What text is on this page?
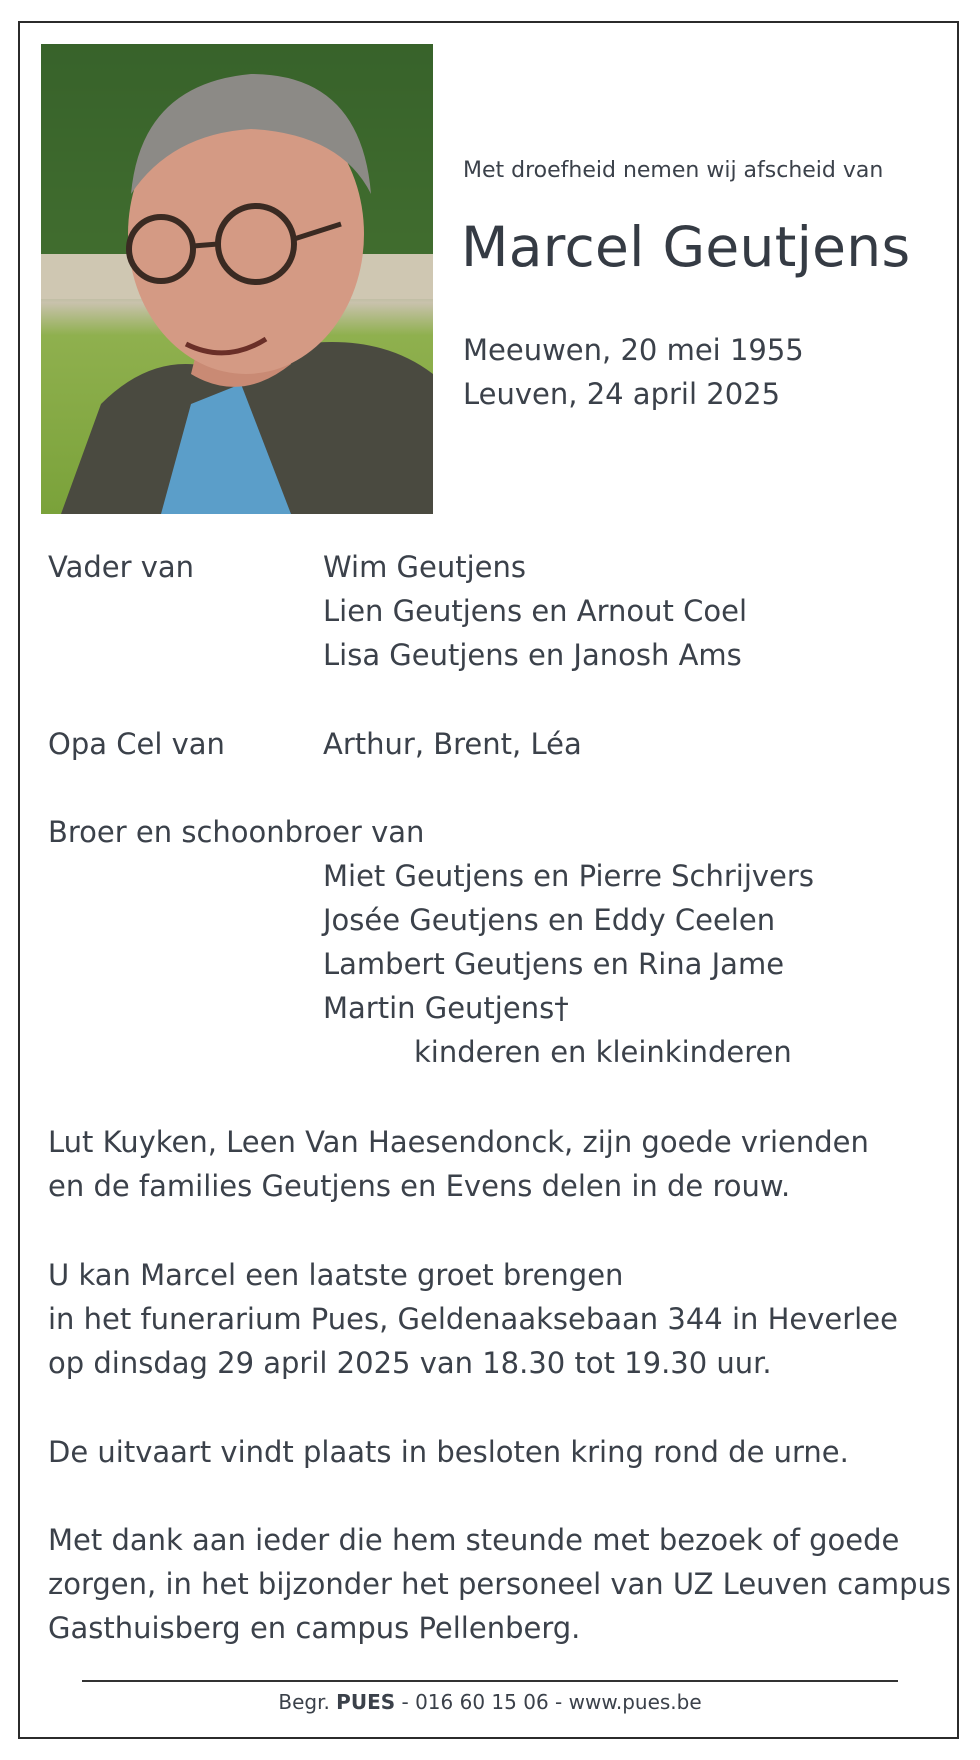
Met droefheid nemen wij afscheid van
Marcel Geutjens
Meeuwen, 20 mei 1955
Leuven, 24 april 2025
Vader van	Wim Geutjens
Lien Geutjens en Arnout Coel
Lisa Geutjens en Janosh Ams
Opa Cel van	Arthur, Brent, Léa
Broer en schoonbroer van
Miet Geutjens en Pierre Schrijvers
Josée Geutjens en Eddy Ceelen
Lambert Geutjens en Rina Jame
Martin Geutjens†
kinderen en kleinkinderen
Lut Kuyken, Leen Van Haesendonck, zijn goede vrienden
en de families Geutjens en Evens delen in de rouw.
U kan Marcel een laatste groet brengen
in het funerarium Pues, Geldenaaksebaan 344 in Heverlee
op dinsdag 29 april 2025 van 18.30 tot 19.30 uur.
De uitvaart vindt plaats in besloten kring rond de urne.
Met dank aan ieder die hem steunde met bezoek of goede
zorgen, in het bijzonder het personeel van UZ Leuven campus
Gasthuisberg en campus Pellenberg.
Begr. PUES - 016 60 15 06 - www.pues.be
